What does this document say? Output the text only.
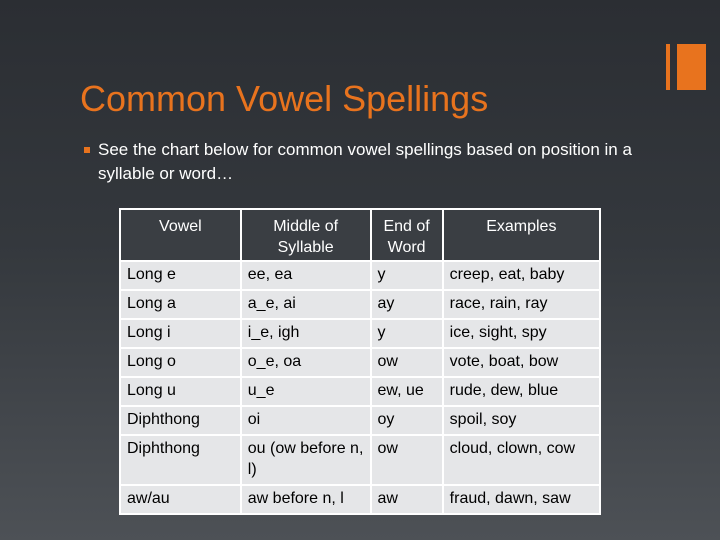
Common Vowel Spellings
See the chart below for common vowel spellings based on position in a syllable or word…
Vowel	Middle of Syllable	End of Word	Examples
Long e	ee, ea	y	creep, eat, baby
Long a	a_e, ai	ay	race, rain, ray
Long i	i_e, igh	y	ice, sight, spy
Long o	o_e, oa	ow	vote, boat, bow
Long u	u_e	ew, ue	rude, dew, blue
Diphthong	oi	oy	spoil, soy
Diphthong	ou (ow before n, l)	ow	cloud, clown, cow
aw/au	aw before n, l	aw	fraud, dawn, saw
